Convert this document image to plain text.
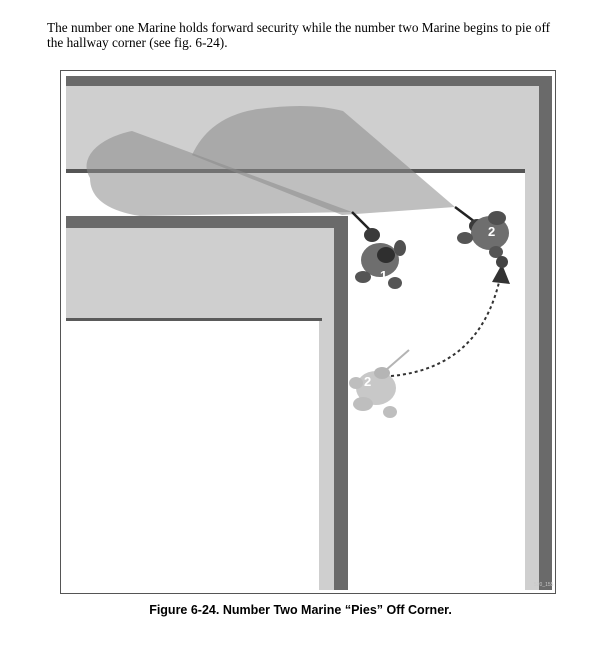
The number one Marine holds forward security while the number two Marine begins to pie off the hallway corner (see fig. 6-24).

1
2
2
520_155

Figure 6-24. Number Two Marine “Pies” Off Corner.
